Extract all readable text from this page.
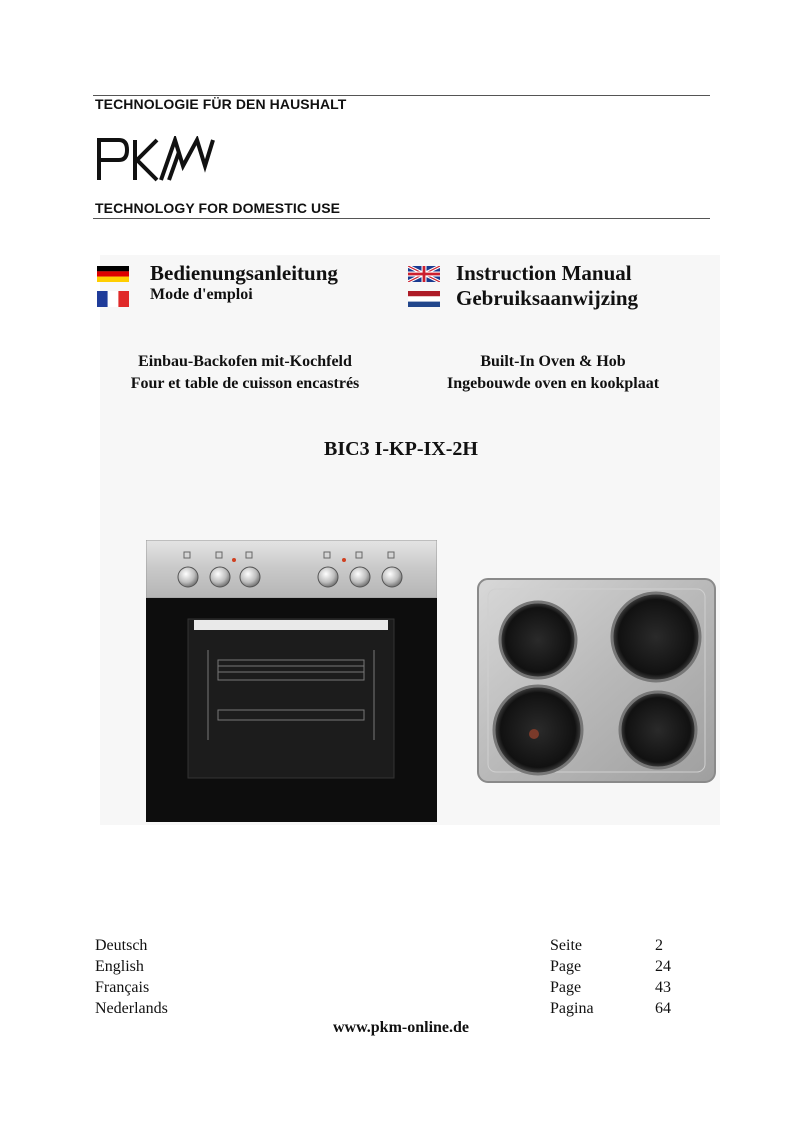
TECHNOLOGIE FÜR DEN HAUSHALT
TECHNOLOGY FOR DOMESTIC USE
Bedienungsanleitung
Mode d'emploi
Instruction Manual
Gebruiksaanwijzing
Einbau-Backofen mit-Kochfeld
Four et table de cuisson encastrés
Built-In Oven & Hob
Ingebouwde oven en kookplaat
BIC3 I-KP-IX-2H
Deutsch	Seite	2
English	Page	24
Français	Page	43
Nederlands	Pagina	64
www.pkm-online.de
